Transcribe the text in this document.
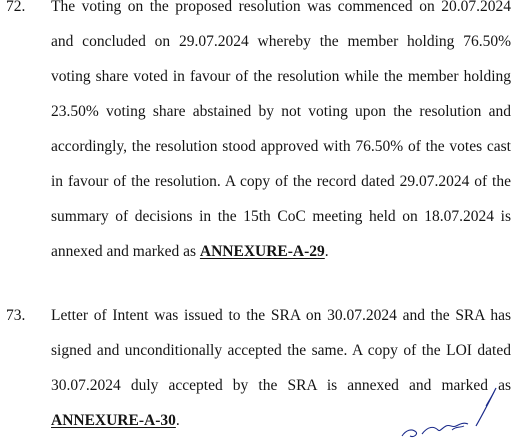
72. The voting on the proposed resolution was commenced on 20.07.2024
and concluded on 29.07.2024 whereby the member holding 76.50%
voting share voted in favour of the resolution while the member holding
23.50% voting share abstained by not voting upon the resolution and
accordingly, the resolution stood approved with 76.50% of the votes cast
in favour of the resolution. A copy of the record dated 29.07.2024 of the
summary of decisions in the 15th CoC meeting held on 18.07.2024 is
annexed and marked as ANNEXURE-A-29.
73. Letter of Intent was issued to the SRA on 30.07.2024 and the SRA has
signed and unconditionally accepted the same. A copy of the LOI dated
30.07.2024 duly accepted by the SRA is annexed and marked as
ANNEXURE-A-30.
